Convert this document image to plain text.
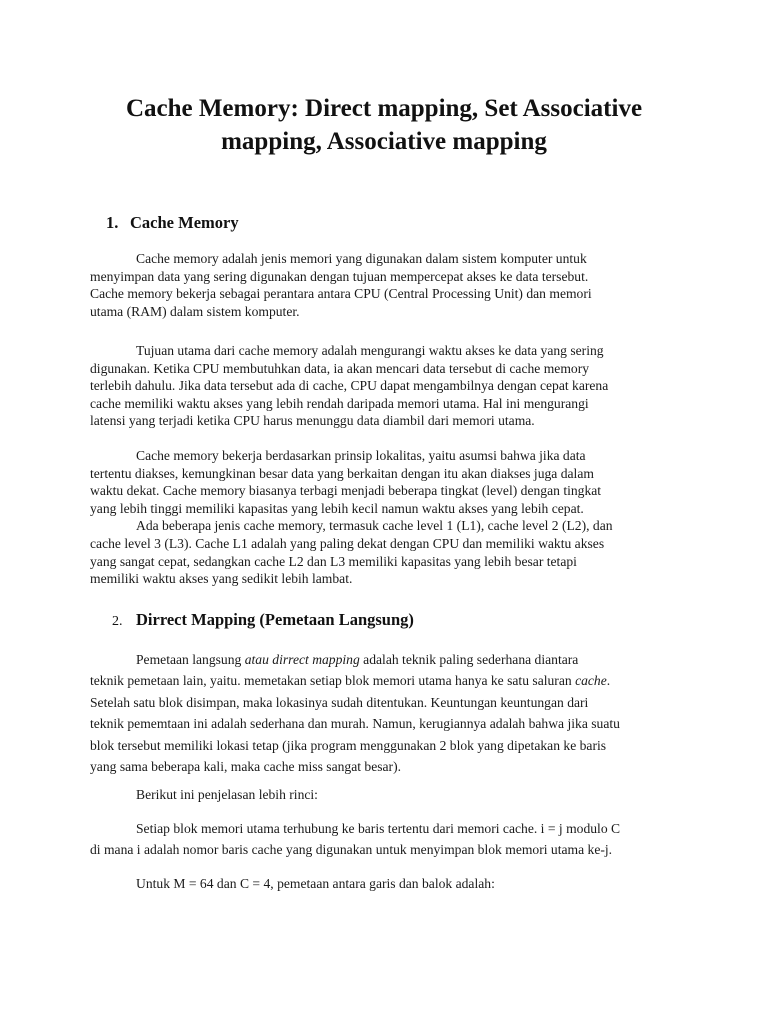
Cache Memory: Direct mapping, Set Associative
mapping, Associative mapping
1. Cache Memory

Cache memory adalah jenis memori yang digunakan dalam sistem komputer untuk
menyimpan data yang sering digunakan dengan tujuan mempercepat akses ke data tersebut.
Cache memory bekerja sebagai perantara antara CPU (Central Processing Unit) dan memori
utama (RAM) dalam sistem komputer.

Tujuan utama dari cache memory adalah mengurangi waktu akses ke data yang sering
digunakan. Ketika CPU membutuhkan data, ia akan mencari data tersebut di cache memory
terlebih dahulu. Jika data tersebut ada di cache, CPU dapat mengambilnya dengan cepat karena
cache memiliki waktu akses yang lebih rendah daripada memori utama. Hal ini mengurangi
latensi yang terjadi ketika CPU harus menunggu data diambil dari memori utama.

Cache memory bekerja berdasarkan prinsip lokalitas, yaitu asumsi bahwa jika data
tertentu diakses, kemungkinan besar data yang berkaitan dengan itu akan diakses juga dalam
waktu dekat. Cache memory biasanya terbagi menjadi beberapa tingkat (level) dengan tingkat
yang lebih tinggi memiliki kapasitas yang lebih kecil namun waktu akses yang lebih cepat.
Ada beberapa jenis cache memory, termasuk cache level 1 (L1), cache level 2 (L2), dan
cache level 3 (L3). Cache L1 adalah yang paling dekat dengan CPU dan memiliki waktu akses
yang sangat cepat, sedangkan cache L2 dan L3 memiliki kapasitas yang lebih besar tetapi
memiliki waktu akses yang sedikit lebih lambat.

2. Dirrect Mapping (Pemetaan Langsung)

Pemetaan langsung atau dirrect mapping adalah teknik paling sederhana diantara
teknik pemetaan lain, yaitu. memetakan setiap blok memori utama hanya ke satu saluran cache.
Setelah satu blok disimpan, maka lokasinya sudah ditentukan. Keuntungan keuntungan dari
teknik pememtaan ini adalah sederhana dan murah. Namun, kerugiannya adalah bahwa jika suatu
blok tersebut memiliki lokasi tetap (jika program menggunakan 2 blok yang dipetakan ke baris
yang sama beberapa kali, maka cache miss sangat besar).

Berikut ini penjelasan lebih rinci:

Setiap blok memori utama terhubung ke baris tertentu dari memori cache. i = j modulo C
di mana i adalah nomor baris cache yang digunakan untuk menyimpan blok memori utama ke-j.

Untuk M = 64 dan C = 4, pemetaan antara garis dan balok adalah:
